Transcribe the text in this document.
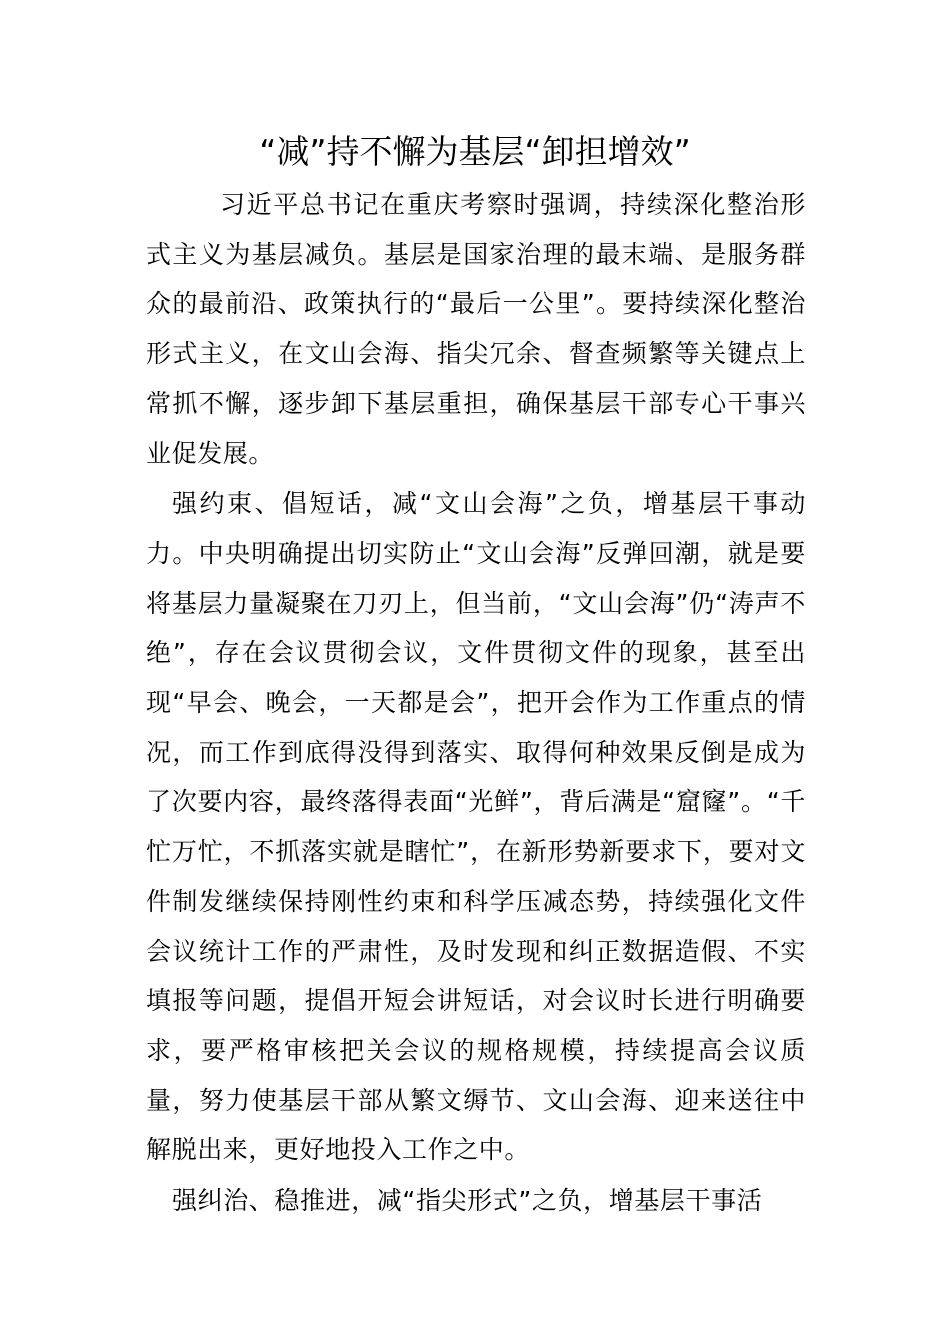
“减”持不懈为基层“卸担增效”

习近平总书记在重庆考察时强调，持续深化整治形式主义为基层减负。基层是国家治理的最末端、是服务群众的最前沿、政策执行的“最后一公里”。要持续深化整治形式主义，在文山会海、指尖冗余、督查频繁等关键点上常抓不懈，逐步卸下基层重担，确保基层干部专心干事兴业促发展。

强约束、倡短话，减“文山会海”之负，增基层干事动力。中央明确提出切实防止“文山会海”反弹回潮，就是要将基层力量凝聚在刀刃上，但当前，“文山会海”仍“涛声不绝”，存在会议贯彻会议，文件贯彻文件的现象，甚至出现“早会、晚会，一天都是会”，把开会作为工作重点的情况，而工作到底得没得到落实、取得何种效果反倒是成为了次要内容，最终落得表面“光鲜”，背后满是“窟窿”。“千忙万忙，不抓落实就是瞎忙”，在新形势新要求下，要对文件制发继续保持刚性约束和科学压减态势，持续强化文件会议统计工作的严肃性，及时发现和纠正数据造假、不实填报等问题，提倡开短会讲短话，对会议时长进行明确要求，要严格审核把关会议的规格规模，持续提高会议质量，努力使基层干部从繁文缛节、文山会海、迎来送往中解脱出来，更好地投入工作之中。

强纠治、稳推进，减“指尖形式”之负，增基层干事活
